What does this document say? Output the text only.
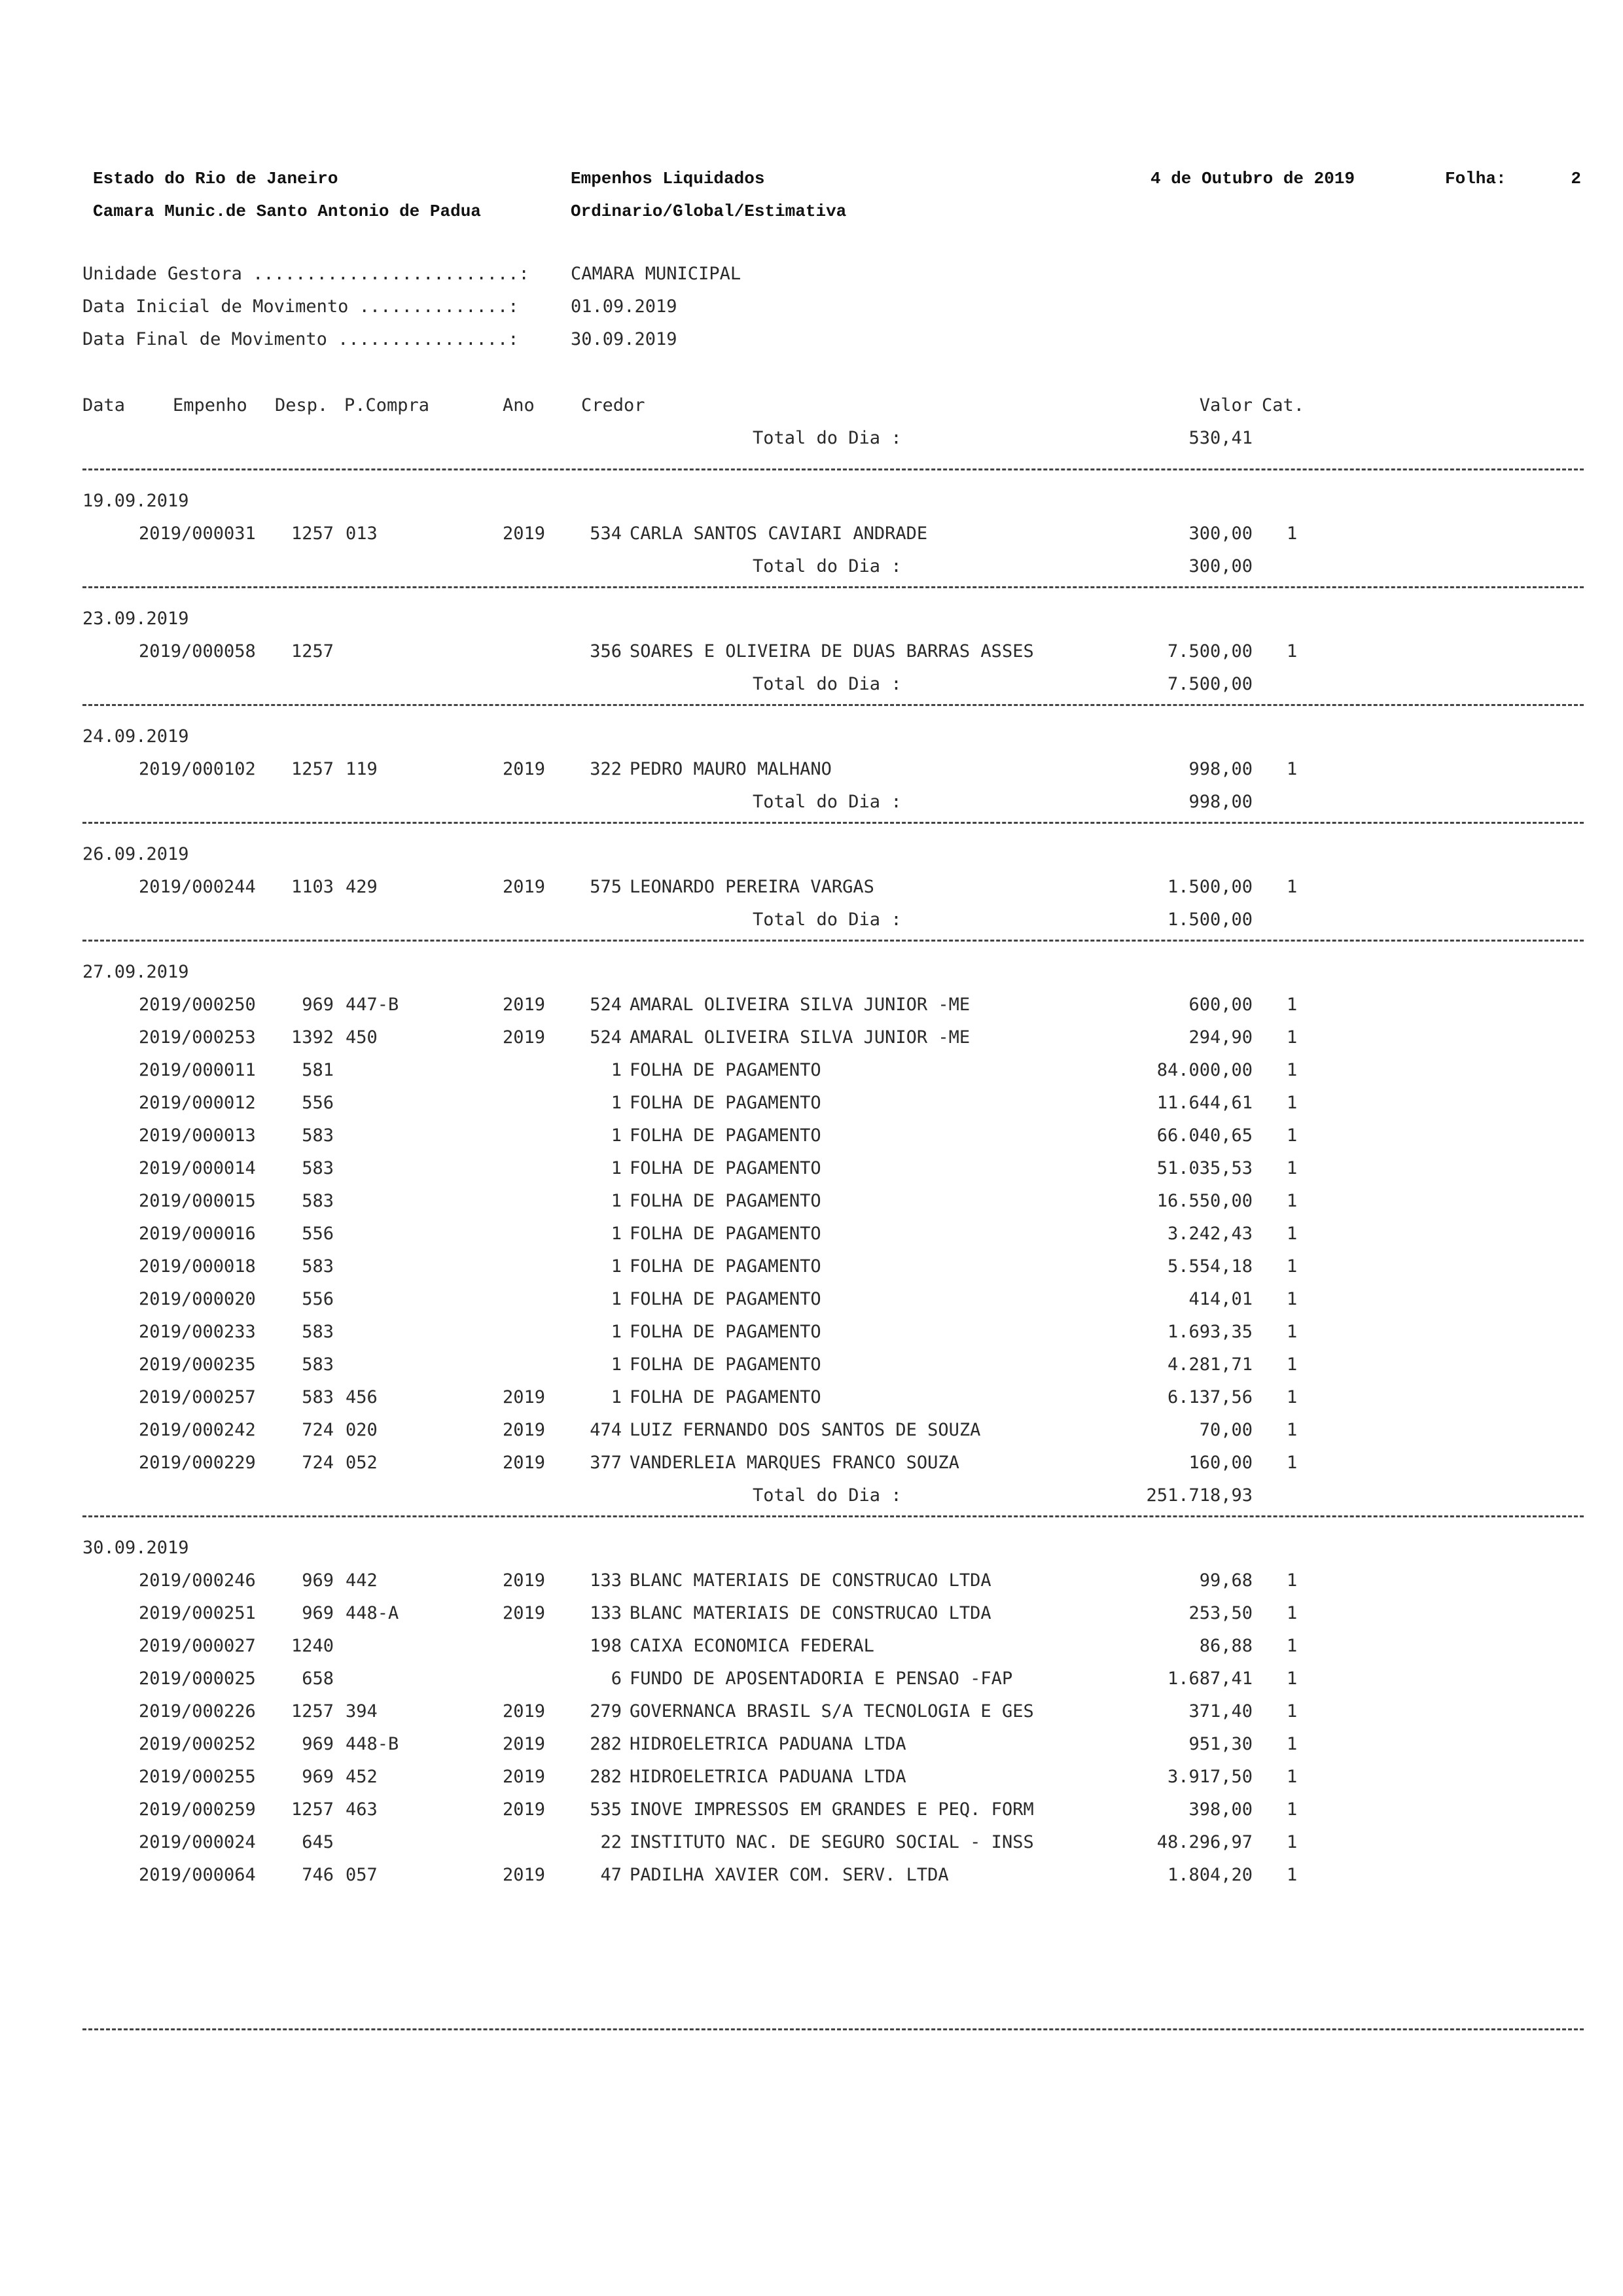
Estado do Rio de Janeiro
Camara Munic.de Santo Antonio de Padua
Empenhos Liquidados
Ordinario/Global/Estimativa
4 de Outubro de 2019	Folha:	2
Unidade Gestora .........................: CAMARA MUNICIPAL
Data Inicial de Movimento ..............:	01.09.2019
Data Final de Movimento ................:	30.09.2019
Data	Empenho Desp. P.Compra	Ano	Credor	Valor Cat.
Total do Dia :	530,41
19.09.2019
2019/000031	1257 013	2019	534 CARLA SANTOS CAVIARI ANDRADE	300,00 1
Total do Dia :	300,00
23.09.2019
2019/000058	1257	356 SOARES E OLIVEIRA DE DUAS BARRAS ASSES	7.500,00 1
Total do Dia :	7.500,00
24.09.2019
2019/000102	1257 119	2019	322 PEDRO MAURO MALHANO	998,00 1
Total do Dia :	998,00
26.09.2019
2019/000244	1103 429	2019	575 LEONARDO PEREIRA VARGAS	1.500,00 1
Total do Dia :	1.500,00
27.09.2019
2019/000250	969 447-B	2019	524 AMARAL OLIVEIRA SILVA JUNIOR -ME	600,00 1
2019/000253	1392 450	2019	524 AMARAL OLIVEIRA SILVA JUNIOR -ME	294,90 1
2019/000011	581	1 FOLHA DE PAGAMENTO	84.000,00 1
2019/000012	556	1 FOLHA DE PAGAMENTO	11.644,61 1
2019/000013	583	1 FOLHA DE PAGAMENTO	66.040,65 1
2019/000014	583	1 FOLHA DE PAGAMENTO	51.035,53 1
2019/000015	583	1 FOLHA DE PAGAMENTO	16.550,00 1
2019/000016	556	1 FOLHA DE PAGAMENTO	3.242,43 1
2019/000018	583	1 FOLHA DE PAGAMENTO	5.554,18 1
2019/000020	556	1 FOLHA DE PAGAMENTO	414,01 1
2019/000233	583	1 FOLHA DE PAGAMENTO	1.693,35 1
2019/000235	583	1 FOLHA DE PAGAMENTO	4.281,71 1
2019/000257	583 456	2019	1 FOLHA DE PAGAMENTO	6.137,56 1
2019/000242	724 020	2019	474 LUIZ FERNANDO DOS SANTOS DE SOUZA	70,00 1
2019/000229	724 052	2019	377 VANDERLEIA MARQUES FRANCO SOUZA	160,00 1
Total do Dia :	251.718,93
30.09.2019
2019/000246	969 442	2019	133 BLANC MATERIAIS DE CONSTRUCAO LTDA	99,68 1
2019/000251	969 448-A	2019	133 BLANC MATERIAIS DE CONSTRUCAO LTDA	253,50 1
2019/000027	1240	198 CAIXA ECONOMICA FEDERAL	86,88 1
2019/000025	658	6 FUNDO DE APOSENTADORIA E PENSAO -FAP	1.687,41 1
2019/000226	1257 394	2019	279 GOVERNANCA BRASIL S/A TECNOLOGIA E GES	371,40 1
2019/000252	969 448-B	2019	282 HIDROELETRICA PADUANA LTDA	951,30 1
2019/000255	969 452	2019	282 HIDROELETRICA PADUANA LTDA	3.917,50 1
2019/000259	1257 463	2019	535 INOVE IMPRESSOS EM GRANDES E PEQ. FORM	398,00 1
2019/000024	645	22 INSTITUTO NAC. DE SEGURO SOCIAL - INSS	48.296,97 1
2019/000064	746 057	2019	47 PADILHA XAVIER COM. SERV. LTDA	1.804,20 1
